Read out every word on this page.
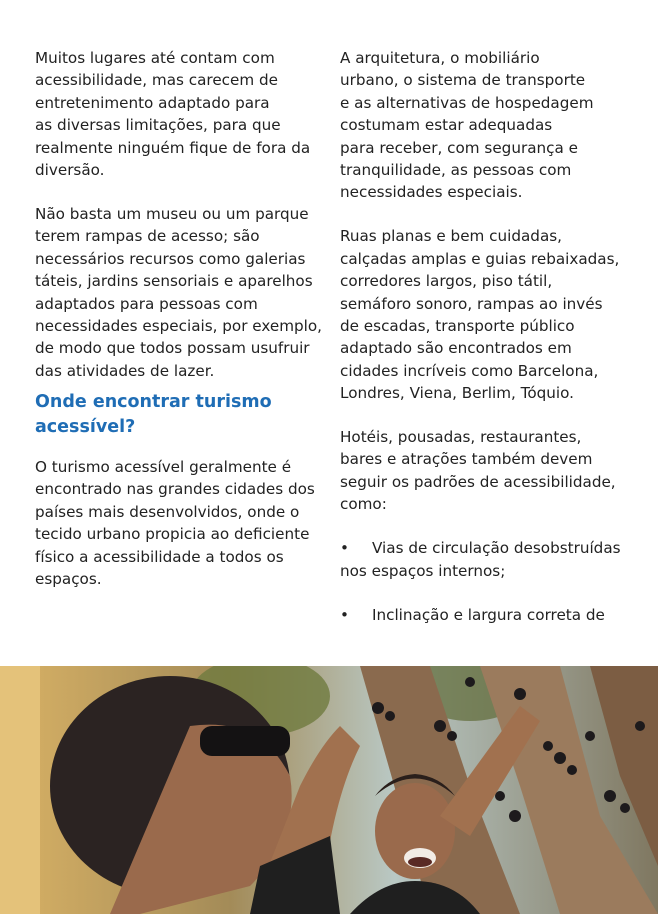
Muitos lugares até contam com
acessibilidade, mas carecem de
entretenimento adaptado para
as diversas limitações, para que
realmente ninguém fique de fora da
diversão.
Não basta um museu ou um parque
terem rampas de acesso; são
necessários recursos como galerias
táteis, jardins sensoriais e aparelhos
adaptados para pessoas com
necessidades especiais, por exemplo,
de modo que todos possam usufruir
das atividades de lazer.
Onde encontrar turismo
acessível?
O turismo acessível geralmente é
encontrado nas grandes cidades dos
países mais desenvolvidos, onde o
tecido urbano propicia ao deficiente
físico a acessibilidade a todos os
espaços.
A arquitetura, o mobiliário
urbano, o sistema de transporte
e as alternativas de hospedagem
costumam estar adequadas
para receber, com segurança e
tranquilidade, as pessoas com
necessidades especiais.
Ruas planas e bem cuidadas,
calçadas amplas e guias rebaixadas,
corredores largos, piso tátil,
semáforo sonoro, rampas ao invés
de escadas, transporte público
adaptado são encontrados em
cidades incríveis como Barcelona,
Londres, Viena, Berlim, Tóquio.
Hotéis, pousadas, restaurantes,
bares e atrações também devem
seguir os padrões de acessibilidade,
como:
• Vias de circulação desobstruídas
nos espaços internos;
• Inclinação e largura correta de
